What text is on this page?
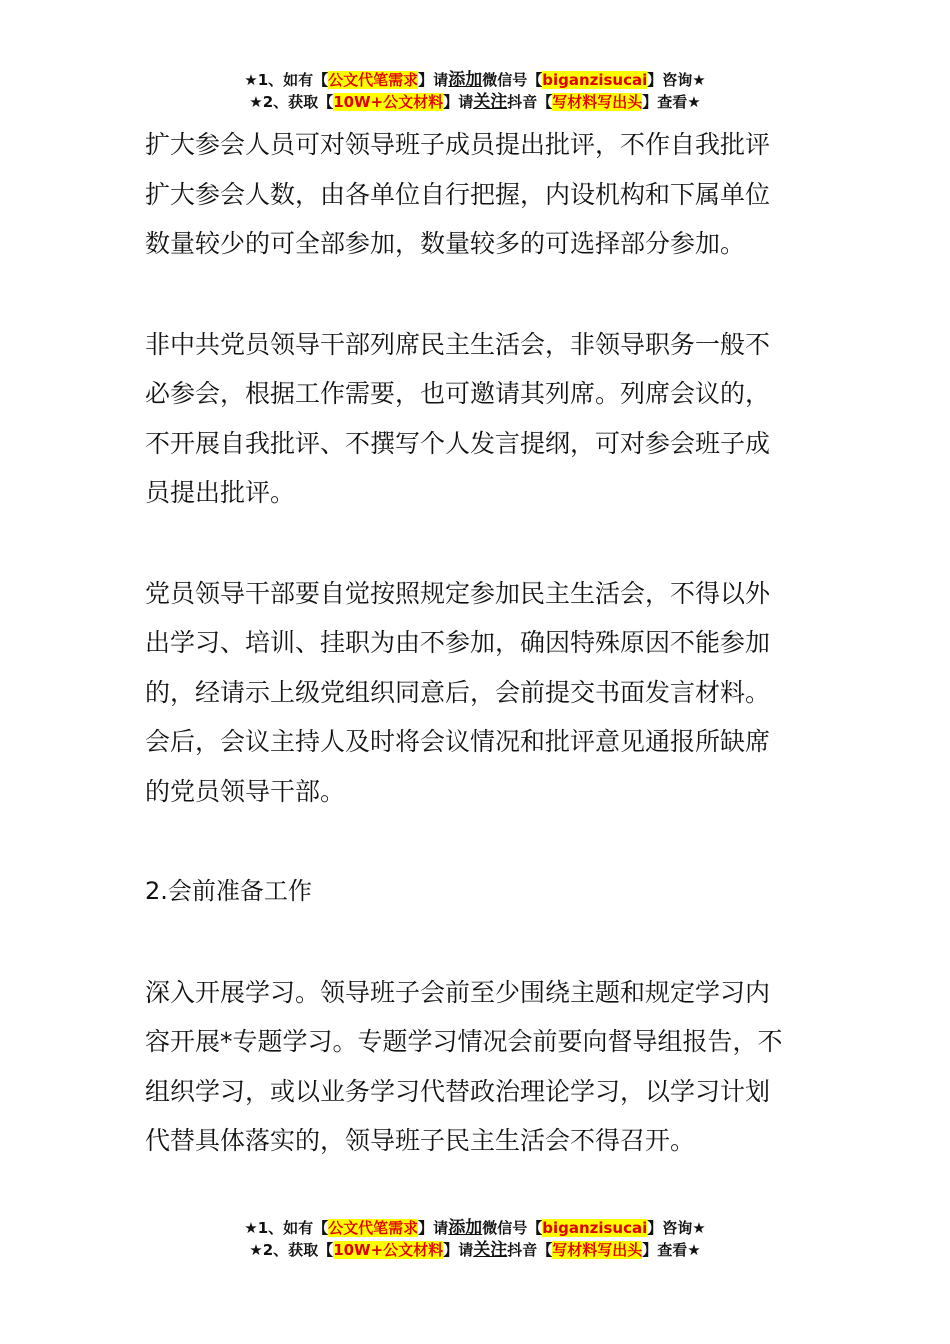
★1、如有【公文代笔需求】请添加微信号【biganzisucai】咨询★
★2、获取【10W+公文材料】请关注抖音【写材料写出头】查看★

扩大参会人员可对领导班子成员提出批评，不作自我批评
扩大参会人数，由各单位自行把握，内设机构和下属单位
数量较少的可全部参加，数量较多的可选择部分参加。

非中共党员领导干部列席民主生活会，非领导职务一般不
必参会，根据工作需要，也可邀请其列席。列席会议的，
不开展自我批评、不撰写个人发言提纲，可对参会班子成
员提出批评。

党员领导干部要自觉按照规定参加民主生活会，不得以外
出学习、培训、挂职为由不参加，确因特殊原因不能参加
的，经请示上级党组织同意后，会前提交书面发言材料。
会后，会议主持人及时将会议情况和批评意见通报所缺席
的党员领导干部。

2.会前准备工作

深入开展学习。领导班子会前至少围绕主题和规定学习内
容开展*专题学习。专题学习情况会前要向督导组报告，不
组织学习，或以业务学习代替政治理论学习，以学习计划
代替具体落实的，领导班子民主生活会不得召开。

★1、如有【公文代笔需求】请添加微信号【biganzisucai】咨询★
★2、获取【10W+公文材料】请关注抖音【写材料写出头】查看★
